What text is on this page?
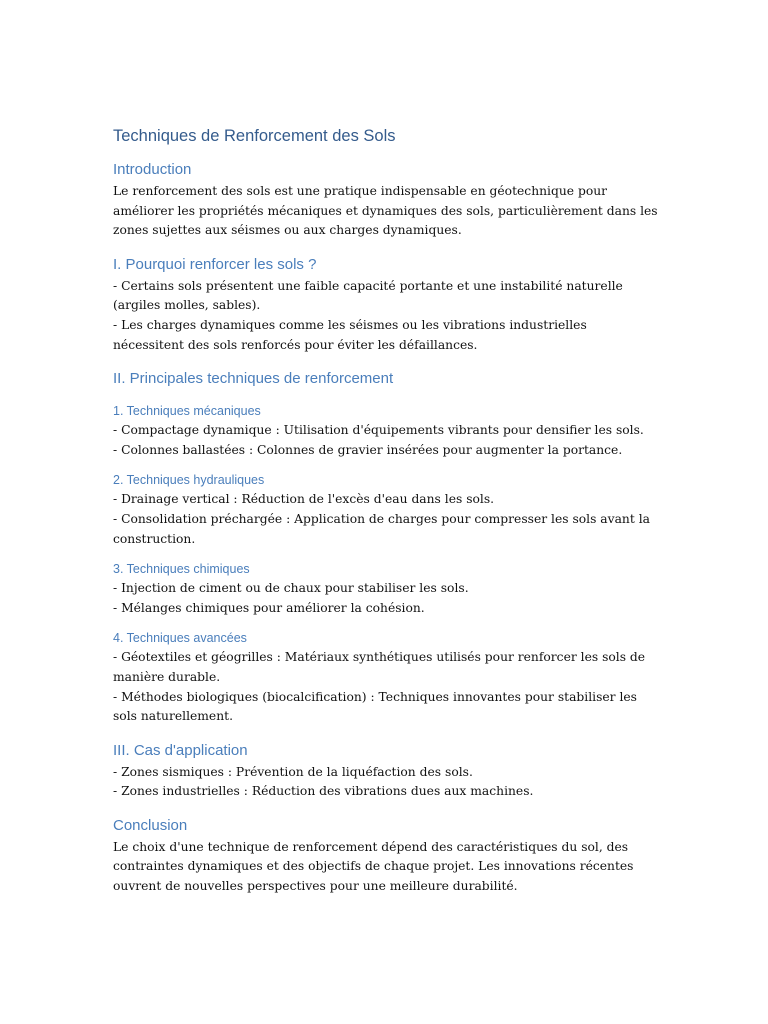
Techniques de Renforcement des Sols
Introduction

Le renforcement des sols est une pratique indispensable en géotechnique pour améliorer les propriétés mécaniques et dynamiques des sols, particulièrement dans les zones sujettes aux séismes ou aux charges dynamiques.

I. Pourquoi renforcer les sols ?

- Certains sols présentent une faible capacité portante et une instabilité naturelle (argiles molles, sables).

- Les charges dynamiques comme les séismes ou les vibrations industrielles nécessitent des sols renforcés pour éviter les défaillances.

II. Principales techniques de renforcement
1. Techniques mécaniques

- Compactage dynamique : Utilisation d'équipements vibrants pour densifier les sols.

- Colonnes ballastées : Colonnes de gravier insérées pour augmenter la portance.

2. Techniques hydrauliques

- Drainage vertical : Réduction de l'excès d'eau dans les sols.

- Consolidation préchargée : Application de charges pour compresser les sols avant la construction.

3. Techniques chimiques

- Injection de ciment ou de chaux pour stabiliser les sols.

- Mélanges chimiques pour améliorer la cohésion.

4. Techniques avancées

- Géotextiles et géogrilles : Matériaux synthétiques utilisés pour renforcer les sols de manière durable.

- Méthodes biologiques (biocalcification) : Techniques innovantes pour stabiliser les sols naturellement.

III. Cas d'application

- Zones sismiques : Prévention de la liquéfaction des sols.

- Zones industrielles : Réduction des vibrations dues aux machines.

Conclusion

Le choix d'une technique de renforcement dépend des caractéristiques du sol, des contraintes dynamiques et des objectifs de chaque projet. Les innovations récentes ouvrent de nouvelles perspectives pour une meilleure durabilité.
